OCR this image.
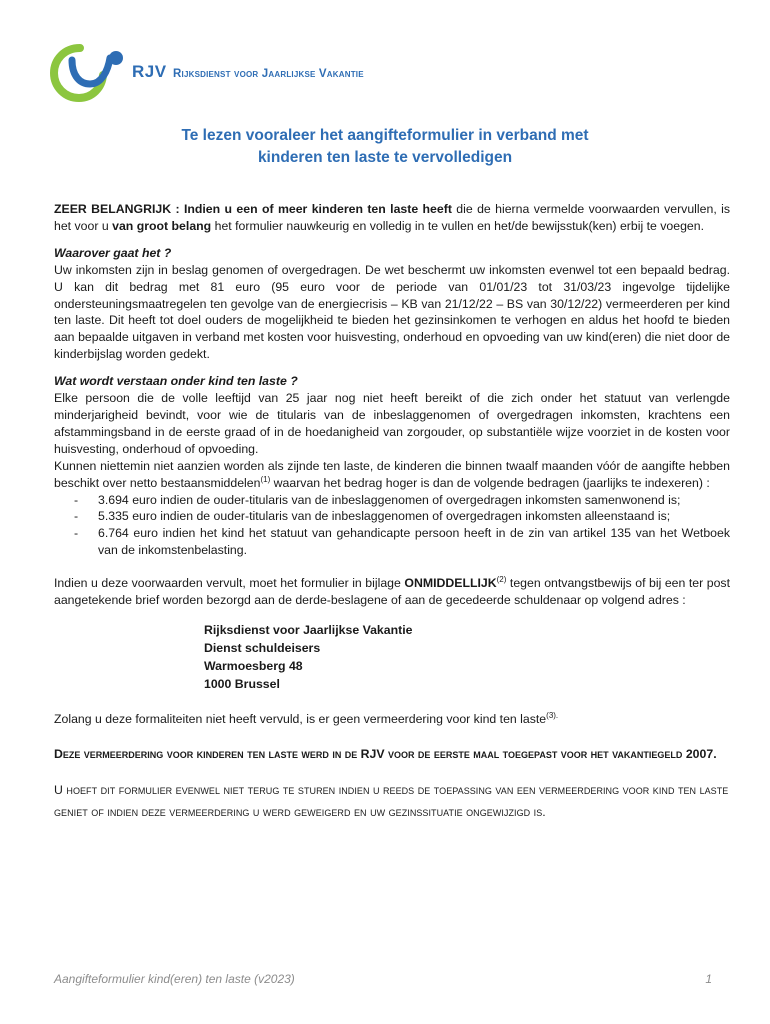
RJV Rijksdienst voor Jaarlijkse Vakantie
Te lezen vooraleer het aangifteformulier in verband met
kinderen ten laste te vervolledigen

ZEER BELANGRIJK : Indien u een of meer kinderen ten laste heeft die de hierna vermelde voorwaarden vervullen, is het voor u van groot belang het formulier nauwkeurig en volledig in te vullen en het/de bewijsstuk(ken) erbij te voegen.

Waarover gaat het ?

Uw inkomsten zijn in beslag genomen of overgedragen. De wet beschermt uw inkomsten evenwel tot een bepaald bedrag. U kan dit bedrag met 81 euro (95 euro voor de periode van 01/01/23 tot 31/03/23 ingevolge tijdelijke ondersteuningsmaatregelen ten gevolge van de energiecrisis – KB van 21/12/22 – BS van 30/12/22) vermeerderen per kind ten laste. Dit heeft tot doel ouders de mogelijkheid te bieden het gezinsinkomen te verhogen en aldus het hoofd te bieden aan bepaalde uitgaven in verband met kosten voor huisvesting, onderhoud en opvoeding van uw kind(eren) die niet door de kinderbijslag worden gedekt.

Wat wordt verstaan onder kind ten laste ?

Elke persoon die de volle leeftijd van 25 jaar nog niet heeft bereikt of die zich onder het statuut van verlengde minderjarigheid bevindt, voor wie de titularis van de inbeslaggenomen of overgedragen inkomsten, krachtens een afstammingsband in de eerste graad of in de hoedanigheid van zorgouder, op substantiële wijze voorziet in de kosten voor huisvesting, onderhoud of opvoeding.

Kunnen niettemin niet aanzien worden als zijnde ten laste, de kinderen die binnen twaalf maanden vóór de aangifte hebben beschikt over netto bestaansmiddelen$^{(1)}$ waarvan het bedrag hoger is dan de volgende bedragen (jaarlijks te indexeren) :

- 3.694 euro indien de ouder-titularis van de inbeslaggenomen of overgedragen inkomsten samenwonend is;
- 5.335 euro indien de ouder-titularis van de inbeslaggenomen of overgedragen inkomsten alleenstaand is;
- 6.764 euro indien het kind het statuut van gehandicapte persoon heeft in de zin van artikel 135 van het Wetboek van de inkomstenbelasting.

Indien u deze voorwaarden vervult, moet het formulier in bijlage ONMIDDELLIJK$^{(2)}$ tegen ontvangstbewijs of bij een ter post aangetekende brief worden bezorgd aan de derde-beslagene of aan de gecedeerde schuldenaar op volgend adres :

Rijksdienst voor Jaarlijkse Vakantie
Dienst schuldeisers
Warmoesberg 48
1000 Brussel

Zolang u deze formaliteiten niet heeft vervuld, is er geen vermeerdering voor kind ten laste$^{(3).}$

Deze vermeerdering voor kinderen ten laste werd in de RJV voor de eerste maal toegepast voor het vakantiegeld 2007.

U hoeft dit formulier evenwel niet terug te sturen indien u reeds de toepassing van een vermeerdering voor kind ten laste geniet of indien deze vermeerdering u werd geweigerd en uw gezinssituatie ongewijzigd is.

Aangifteformulier kind(eren) ten laste (v2023)	1
